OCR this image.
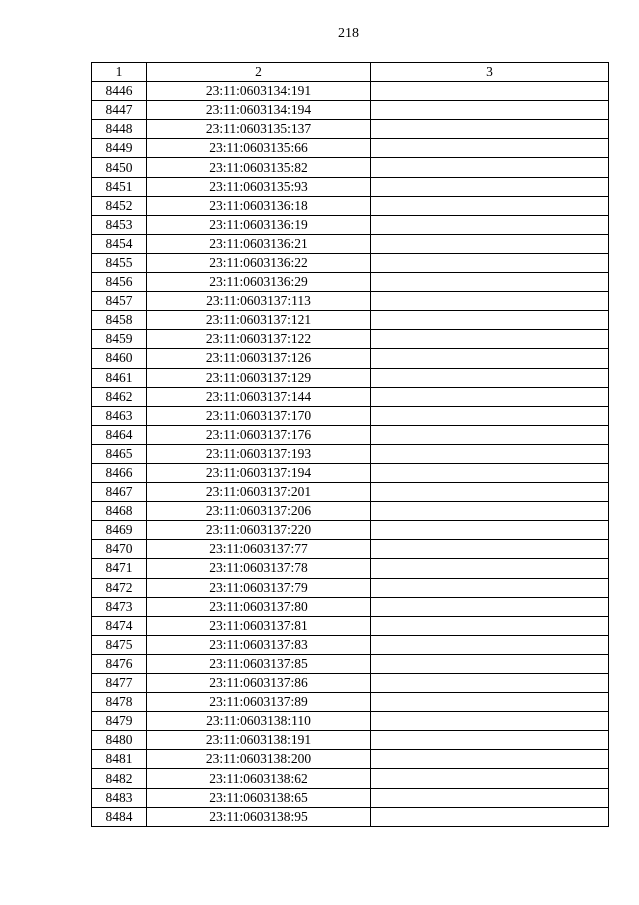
218
1	2	3
8446	23:11:0603134:191	
8447	23:11:0603134:194	
8448	23:11:0603135:137	
8449	23:11:0603135:66	
8450	23:11:0603135:82	
8451	23:11:0603135:93	
8452	23:11:0603136:18	
8453	23:11:0603136:19	
8454	23:11:0603136:21	
8455	23:11:0603136:22	
8456	23:11:0603136:29	
8457	23:11:0603137:113	
8458	23:11:0603137:121	
8459	23:11:0603137:122	
8460	23:11:0603137:126	
8461	23:11:0603137:129	
8462	23:11:0603137:144	
8463	23:11:0603137:170	
8464	23:11:0603137:176	
8465	23:11:0603137:193	
8466	23:11:0603137:194	
8467	23:11:0603137:201	
8468	23:11:0603137:206	
8469	23:11:0603137:220	
8470	23:11:0603137:77	
8471	23:11:0603137:78	
8472	23:11:0603137:79	
8473	23:11:0603137:80	
8474	23:11:0603137:81	
8475	23:11:0603137:83	
8476	23:11:0603137:85	
8477	23:11:0603137:86	
8478	23:11:0603137:89	
8479	23:11:0603138:110	
8480	23:11:0603138:191	
8481	23:11:0603138:200	
8482	23:11:0603138:62	
8483	23:11:0603138:65	
8484	23:11:0603138:95	
